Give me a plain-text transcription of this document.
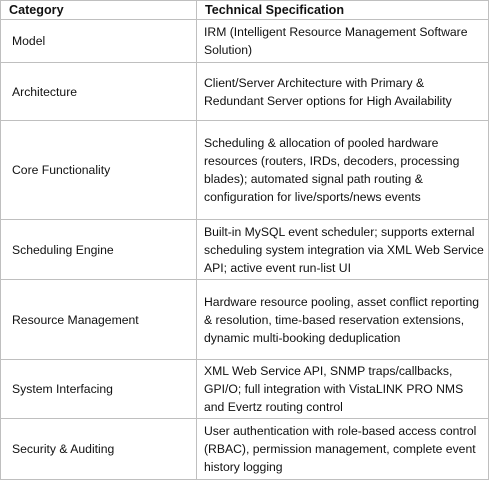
Category	Technical Specification
Model	IRM (Intelligent Resource Management Software Solution)
Architecture	Client/Server Architecture with Primary & Redundant Server options for High Availability
Core Functionality	Scheduling & allocation of pooled hardware resources (routers, IRDs, decoders, processing blades); automated signal path routing & configuration for live/sports/news events
Scheduling Engine	Built-in MySQL event scheduler; supports external scheduling system integration via XML Web Service API; active event run-list UI
Resource Management	Hardware resource pooling, asset conflict reporting & resolution, time-based reservation extensions, dynamic multi-booking deduplication
System Interfacing	XML Web Service API, SNMP traps/callbacks, GPI/O; full integration with VistaLINK PRO NMS and Evertz routing control
Security & Auditing	User authentication with role-based access control (RBAC), permission management, complete event history logging
